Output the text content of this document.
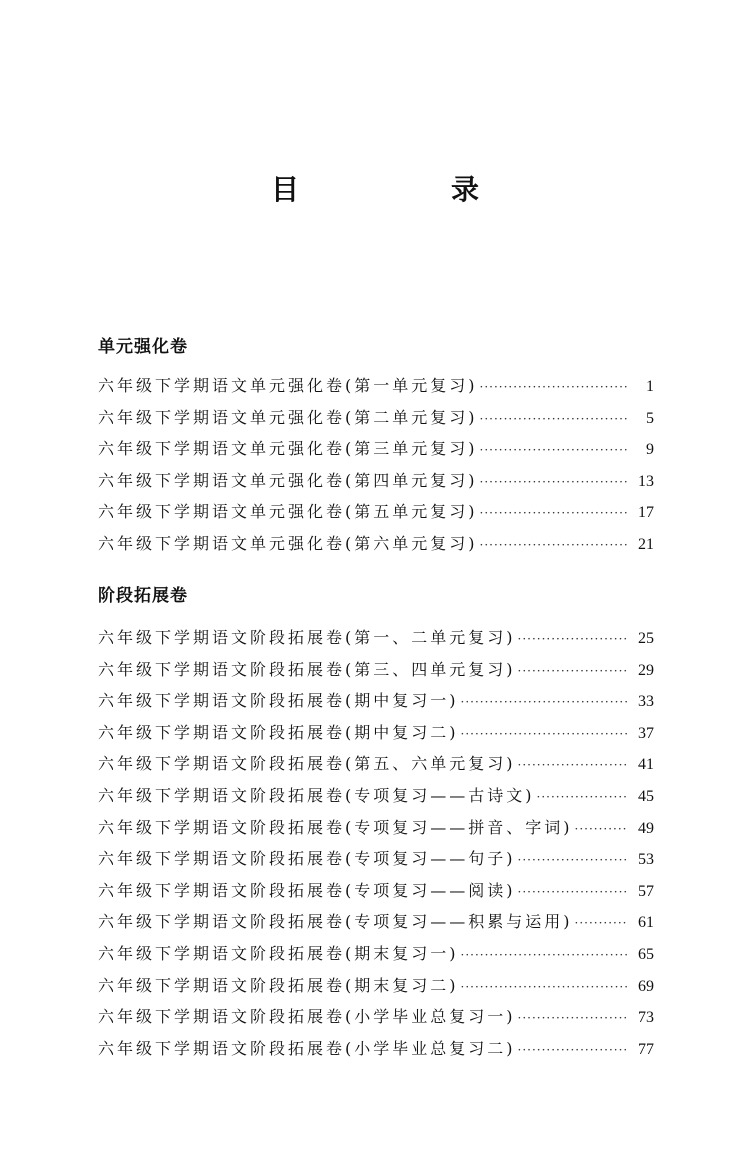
目　录
单元强化卷
六年级下学期语文单元强化卷(第一单元复习) ·····	1
六年级下学期语文单元强化卷(第二单元复习) ·····	5
六年级下学期语文单元强化卷(第三单元复习) ·····	9
六年级下学期语文单元强化卷(第四单元复习) ·····	13
六年级下学期语文单元强化卷(第五单元复习) ·····	17
六年级下学期语文单元强化卷(第六单元复习) ·····	21
阶段拓展卷
六年级下学期语文阶段拓展卷(第一、二单元复习) ·····	25
六年级下学期语文阶段拓展卷(第三、四单元复习) ·····	29
六年级下学期语文阶段拓展卷(期中复习一) ·····	33
六年级下学期语文阶段拓展卷(期中复习二) ·····	37
六年级下学期语文阶段拓展卷(第五、六单元复习) ·····	41
六年级下学期语文阶段拓展卷(专项复习——古诗文) ·····	45
六年级下学期语文阶段拓展卷(专项复习——拼音、字词) ·····	49
六年级下学期语文阶段拓展卷(专项复习——句子) ·····	53
六年级下学期语文阶段拓展卷(专项复习——阅读) ·····	57
六年级下学期语文阶段拓展卷(专项复习——积累与运用) ·····	61
六年级下学期语文阶段拓展卷(期末复习一) ·····	65
六年级下学期语文阶段拓展卷(期末复习二) ·····	69
六年级下学期语文阶段拓展卷(小学毕业总复习一) ·····	73
六年级下学期语文阶段拓展卷(小学毕业总复习二) ·····	77
